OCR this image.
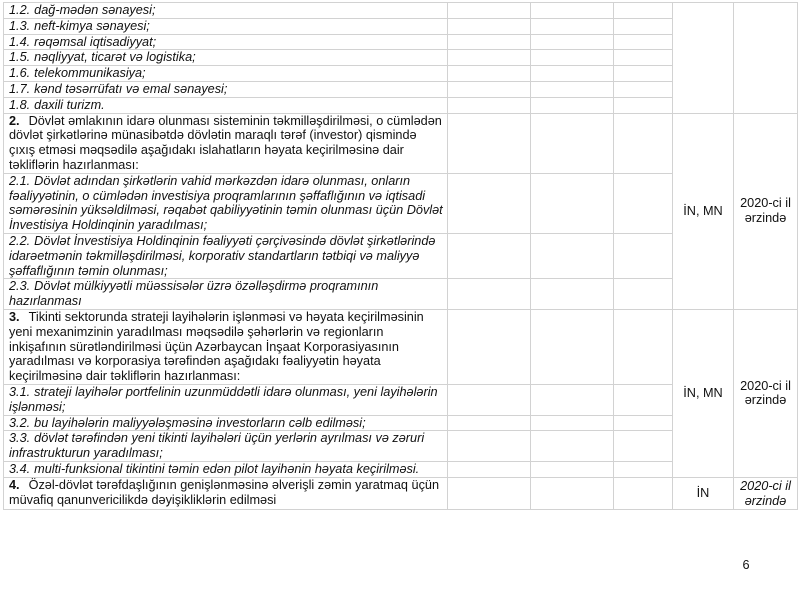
1.2. dağ-mədən sənayesi;					
1.3. neft-kimya sənayesi;					
1.4. rəqəmsal iqtisadiyyat;					
1.5. nəqliyyat, ticarət və logistika;					
1.6. telekommunikasiya;					
1.7. kənd təsərrüfatı və emal sənayesi;					
1.8. daxili turizm.					
2. Dövlət əmlakının idarə olunması sisteminin təkmilləşdirilməsi, o cümlədən dövlət şirkətlərinə münasibətdə dövlətin maraqlı tərəf (investor) qismində çıxış etməsi məqsədilə aşağıdakı islahatların həyata keçirilməsinə dair təkliflərin hazırlanması:				İN, MN	2020-ci il ərzində
2.1. Dövlət adından şirkətlərin vahid mərkəzdən idarə olunması, onların fəaliyyətinin, o cümlədən investisiya proqramlarının şəffaflığının və iqtisadi səmərəsinin yüksəldilməsi, rəqabət qabiliyyətinin təmin olunması üçün Dövlət İnvestisiya Holdinqinin yaradılması;					
2.2. Dövlət İnvestisiya Holdinqinin fəaliyyəti çərçivəsində dövlət şirkətlərində idarəetmənin təkmilləşdirilməsi, korporativ standartların tətbiqi və maliyyə şəffaflığının təmin olunması;					
2.3. Dövlət mülkiyyətli müəssisələr üzrə özəlləşdirmə proqramının hazırlanması					
3. Tikinti sektorunda strateji layihələrin işlənməsi və həyata keçirilməsinin yeni mexanimzinin yaradılması məqsədilə şəhərlərin və regionların inkişafının sürətləndirilməsi üçün Azərbaycan İnşaat Korporasiyasının yaradılması və korporasiya tərəfindən aşağıdakı fəaliyyətin həyata keçirilməsinə dair təkliflərin hazırlanması:				İN, MN	2020-ci il ərzində
3.1. strateji layihələr portfelinin uzunmüddətli idarə olunması, yeni layihələrin işlənməsi;					
3.2. bu layihələrin maliyyələşməsinə investorların cəlb edilməsi;					
3.3. dövlət tərəfindən yeni tikinti layihələri üçün yerlərin ayrılması və zəruri infrastrukturun yaradılması;					
3.4. multi-funksional tikintini təmin edən pilot layihənin həyata keçirilməsi.					
4. Özəl-dövlət tərəfdaşlığının genişlənməsinə əlverişli zəmin yaratmaq üçün müvafiq qanunvericilikdə dəyişikliklərin edilməsi				İN	2020-ci il ərzində
6
